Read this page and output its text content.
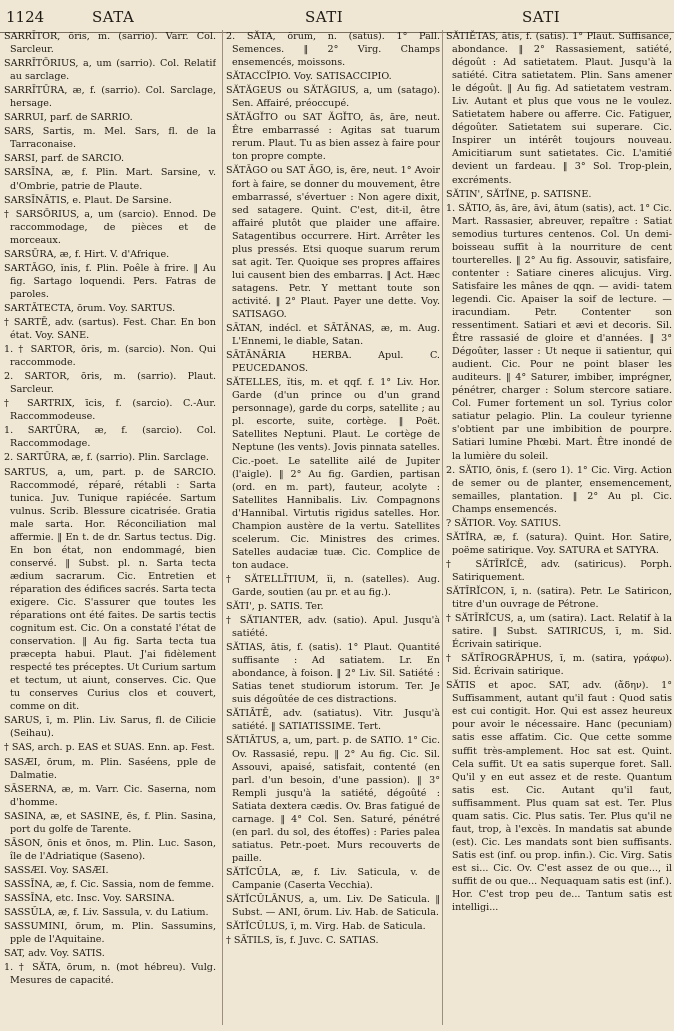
1124	SATA	SATI	SATI

SARRĪTOR, ōris, m. (sarrio). Varr. Col. Sarcleur.

SARRĪTŌRIUS, a, um (sarrio). Col. Relatif au sarclage.

SARRĪTŪRA, æ, f. (sarrio). Col. Sarclage, hersage.

SARRUI, parf. de SARRIO.

SARS, Sartis, m. Mel. Sars, fl. de la Tarraconaise.

SARSI, parf. de SARCIO.

SARSĪNA, æ, f. Plin. Mart. Sarsine, v. d'Ombrie, patrie de Plaute.

SARSĪNĀTIS, e. Plaut. De Sarsine.

† SARSŌRIUS, a, um (sarcio). Ennod. De raccommodage, de pièces et de morceaux.

SARSŪRA, æ, f. Hirt. V. d'Afrique.

SARTĀGO, ĭnis, f. Plin. Poêle à frire. ‖ Au fig. Sartago loquendi. Pers. Fatras de paroles.

SARTĀTECTA, ōrum. Voy. SARTUS.

† SARTĒ, adv. (sartus). Fest. Char. En bon état. Voy. SANE.

1. † SARTOR, ōris, m. (sarcio). Non. Qui raccommode.

2. SARTOR, ōris, m. (sarrio). Plaut. Sarcleur.

† SARTRIX, īcis, f. (sarcio). C.-Aur. Raccommodeuse.

1. SARTŪRA, æ, f. (sarcio). Col. Raccommodage.

2. SARTŪRA, æ, f. (sarrio). Plin. Sarclage.

SARTUS, a, um, part. p. de SARCIO. Raccommodé, réparé, rétabli : Sarta tunica. Juv. Tunique rapiécée. Sartum vulnus. Scrib. Blessure cicatrisée. Gratia male sarta. Hor. Réconciliation mal affermie. ‖ En t. de dr. Sartus tectus. Dig. En bon état, non endommagé, bien conservé. ‖ Subst. pl. n. Sarta tecta ædium sacrarum. Cic. Entretien et réparation des édifices sacrés. Sarta tecta exigere. Cic. S'assurer que toutes les réparations ont été faites. De sartis tectis cognitum est. Cic. On a constaté l'état de conservation. ‖ Au fig. Sarta tecta tua præcepta habui. Plaut. J'ai fidèlement respecté tes préceptes. Ut Curium sartum et tectum, ut aiunt, conserves. Cic. Que tu conserves Curius clos et couvert, comme on dit.

SARUS, ī, m. Plin. Liv. Sarus, fl. de Cilicie (Seihau).

† SAS, arch. p. EAS et SUAS. Enn. ap. Fest.

SASÆI, ōrum, m. Plin. Saséens, pple de Dalmatie.

SĀSERNA, æ, m. Varr. Cic. Saserna, nom d'homme.

SASINA, æ, et SASINE, ēs, f. Plin. Sasina, port du golfe de Tarente.

SĀSON, ōnis et ōnos, m. Plin. Luc. Sason, île de l'Adriatique (Saseno).

SASSÆI. Voy. SASÆI.

SASSĪNA, æ, f. Cic. Sassia, nom de femme.

SASSĪNA, etc. Insc. Voy. SARSINA.

SASSŬLA, æ, f. Liv. Sassula, v. du Latium.

SASSUMINI, ōrum, m. Plin. Sassumins, pple de l'Aquitaine.

SAT, adv. Voy. SATIS.

1. † SĂTA, ōrum, n. (mot hébreu). Vulg. Mesures de capacité.

2. SĂTA, ōrum, n. (satus). 1° Pall. Semences. ‖ 2° Virg. Champs ensemencés, moissons.

SĂTACCĬPIO. Voy. SATISACCIPIO.

SĂTĂGEUS ou SĂTĂGIUS, a, um (satago). Sen. Affairé, préoccupé.

SĂTĂGĬTO ou SAT ĂGĬTO, ās, āre, neut. Être embarrassé : Agitas sat tuarum rerum. Plaut. Tu as bien assez à faire pour ton propre compte.

SĂTĀGO ou SAT ĀGO, is, ēre, neut. 1° Avoir fort à faire, se donner du mouvement, être embarrassé, s'évertuer : Non agere dixit, sed satagere. Quint. C'est, dit-il, être affairé plutôt que plaider une affaire. Satagentibus occurrere. Hirt. Arrêter les plus pressés. Etsi quoque suarum rerum sat agit. Ter. Quoique ses propres affaires lui causent bien des embarras. ‖ Act. Hæc satagens. Petr. Y mettant toute son activité. ‖ 2° Plaut. Payer une dette. Voy. SATISAGO.

SĀTAN, indécl. et SĀTĀNAS, æ, m. Aug. L'Ennemi, le diable, Satan.

SĀTĀNĀRIA HERBA. Apul. C. PEUCEDANOS.

SĂTELLES, ĭtis, m. et qqf. f. 1° Liv. Hor. Garde (d'un prince ou d'un grand personnage), garde du corps, satellite ; au pl. escorte, suite, cortège. ‖ Poët. Satellites Neptuni. Plaut. Le cortège de Neptune (les vents). Jovis pinnata satelles. Cic.-poet. Le satellite ailé de Jupiter (l'aigle). ‖ 2° Au fig. Gardien, partisan (ord. en m. part), fauteur, acolyte : Satellites Hannibalis. Liv. Compagnons d'Hannibal. Virtutis rigidus satelles. Hor. Champion austère de la vertu. Satellites scelerum. Cic. Ministres des crimes. Satelles audaciæ tuæ. Cic. Complice de ton audace.

† SĂTELLĪTIUM, ĭi, n. (satelles). Aug. Garde, soutien (au pr. et au fig.).

SĂTI', p. SATIS. Ter.

† SĂTIANTER, adv. (satio). Apul. Jusqu'à satiété.

SĂTIAS, ātis, f. (satis). 1° Plaut. Quantité suffisante : Ad satiatem. Lr. En abondance, à foison. ‖ 2° Liv. Sil. Satiété : Satias tenet studiorum istorum. Ter. Je suis dégoûtée de ces distractions.

SĂTIĀTĒ, adv. (satiatus). Vitr. Jusqu'à satiété. ‖ SATIATISSIME. Tert.

SĂTIĀTUS, a, um, part. p. de SATIO. 1° Cic. Ov. Rassasié, repu. ‖ 2° Au fig. Cic. Sil. Assouvi, apaisé, satisfait, contenté (en parl. d'un besoin, d'une passion). ‖ 3° Rempli jusqu'à la satiété, dégoûté : Satiata dextera cædis. Ov. Bras fatigué de carnage. ‖ 4° Col. Sen. Saturé, pénétré (en parl. du sol, des étoffes) : Paries palea satiatus. Petr.-poet. Murs recouverts de paille.

SĂTĬCŬLA, æ, f. Liv. Saticula, v. de Campanie (Caserta Vecchia).

SĂTĬCŬLĀNUS, a, um. Liv. De Saticula. ‖ Subst. — ANI, ōrum. Liv. Hab. de Saticula.

SĂTĬCŬLUS, ī, m. Virg. Hab. de Saticula.

† SĀTILS, ĭs, f. Juvc. C. SATIAS.

SĂTIĔTAS, ātis, f. (satis). 1° Plaut. Suffisance, abondance. ‖ 2° Rassasiement, satiété, dégoût : Ad satietatem. Plaut. Jusqu'à la satiété. Citra satietatem. Plin. Sans amener le dégoût. ‖ Au fig. Ad satietatem vestram. Liv. Autant et plus que vous ne le voulez. Satietatem habere ou afferre. Cic. Fatiguer, dégoûter. Satietatem sui superare. Cic. Inspirer un intérêt toujours nouveau. Amicitiarum sunt satietates. Cic. L'amitié devient un fardeau. ‖ 3° Sol. Trop-plein, excréments.

SĂTIN', SĂTĬNE, p. SATISNE.

1. SĂTIO, ās, āre, āvi, ātum (satis), act. 1° Cic. Mart. Rassasier, abreuver, repaître : Satiat semodius turtures centenos. Col. Un demi-boisseau suffit à la nourriture de cent tourterelles. ‖ 2° Au fig. Assouvir, satisfaire, contenter : Satiare cineres alicujus. Virg. Satisfaire les mânes de qqn. — avidi- tatem legendi. Cic. Apaiser la soif de lecture. — iracundiam. Petr. Contenter son ressentiment. Satiari et ævi et decoris. Sil. Être rassasié de gloire et d'années. ‖ 3° Dégoûter, lasser : Ut neque ii satientur, qui audient. Cic. Pour ne point blaser les auditeurs. ‖ 4° Saturer, imbiber, imprégner, pénétrer, charger : Solum stercore satiare. Col. Fumer fortement un sol. Tyrius color satiatur pelagio. Plin. La couleur tyrienne s'obtient par une imbibition de pourpre. Satiari lumine Phœbi. Mart. Être inondé de la lumière du soleil.

2. SĂTIO, ōnis, f. (sero 1). 1° Cic. Virg. Action de semer ou de planter, ensemencement, semailles, plantation. ‖ 2° Au pl. Cic. Champs ensemencés.

? SĂTIOR. Voy. SATIUS.

SĂTĬRA, æ, f. (satura). Quint. Hor. Satire, poëme satirique. Voy. SATURA et SATYRA.

† SĂTĪRĬCĒ, adv. (satiricus). Porph. Satiriquement.

SĂTĪRĬCON, ī, n. (satira). Petr. Le Satiricon, titre d'un ouvrage de Pétrone.

† SĂTĪRĬCUS, a, um (satira). Lact. Relatif à la satire. ‖ Subst. SATIRICUS, ī, m. Sid. Écrivain satirique.

† SĂTĪROGRĂPHUS, ī, m. (satira, γράφω). Sid. Écrivain satirique.

SĂTIS et apoc. SAT, adv. (ἄδην). 1° Suffisamment, autant qu'il faut : Quod satis est cui contigit. Hor. Qui est assez heureux pour avoir le nécessaire. Hanc (pecuniam) satis esse affatim. Cic. Que cette somme suffit très-amplement. Hoc sat est. Quint. Cela suffit. Ut ea satis superque foret. Sall. Qu'il y en eut assez et de reste. Quantum satis est. Cic. Autant qu'il faut, suffisamment. Plus quam sat est. Ter. Plus quam satis. Cic. Plus satis. Ter. Plus qu'il ne faut, trop, à l'excès. In mandatis sat abunde (est). Cic. Les mandats sont bien suffisants. Satis est (inf. ou prop. infin.). Cic. Virg. Satis est si... Cic. Ov. C'est assez de ou que..., il suffit de ou que... Nequaquam satis est (inf.). Hor. C'est trop peu de... Tantum satis est intelligi...
